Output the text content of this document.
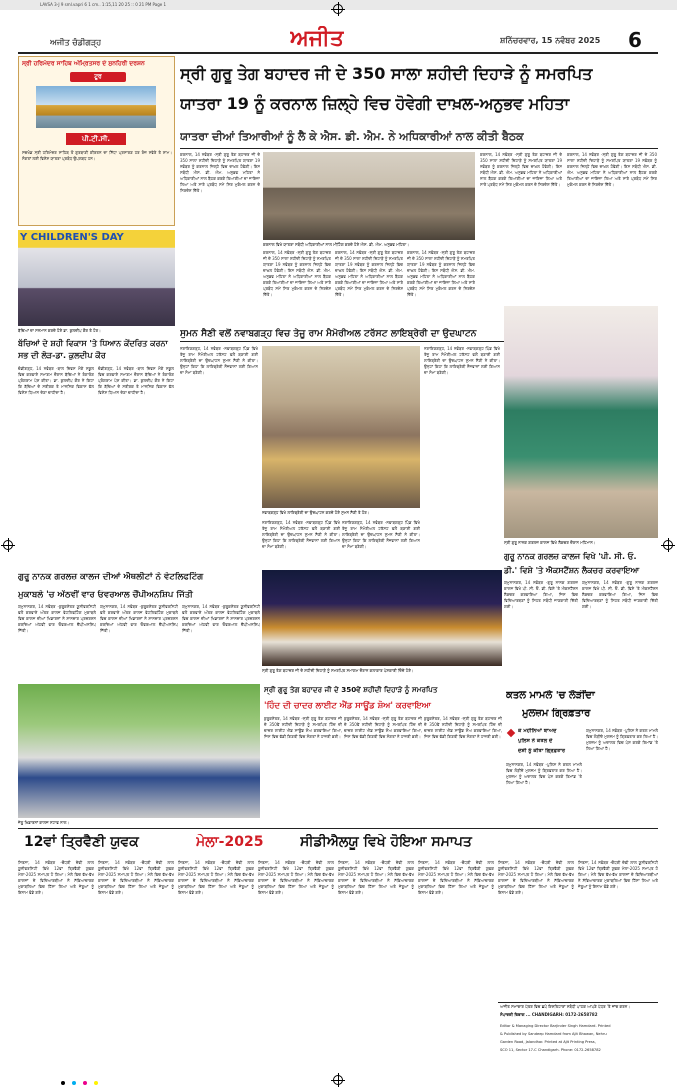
LAVSA 3-J 9 sml.vapri 6 1 cm.. 1:15,11 20 25 :: 0 21 PM Page 1
ਅਜੀਤ ਚੰਡੀਗੜ੍ਹ	ਅਜੀਤ	ਸ਼ਨਿੱਚਰਵਾਰ, 15 ਨਵੰਬਰ 2025 6
ਸ੍ਰੀ ਹਰਿਮੰਦਰ ਸਾਹਿਬ ਅੰਮ੍ਰਿਤਸਰ ਦੇ ਸੁਨਹਿਰੀ ਦਰਸ਼ਨ
ਟੂਰ
ਪੀ.ਟੀ.ਸੀ.
ਸਚਖੰਡ ਸ੍ਰੀ ਹਰਿਮੰਦਰ ਸਾਹਿਬ ਤੋਂ ਗੁਰਬਾਣੀ ਕੀਰਤਨ ਦਾ ਸਿੱਧਾ ਪ੍ਰਸਾਰਣ ਹਰ ਰੋਜ਼ ਸਵੇਰੇ ਤੇ ਸ਼ਾਮ। ਸੰਗਤਾਂ ਲਈ ਵਿਸ਼ੇਸ਼ ਯਾਤਰਾ ਪ੍ਰਬੰਧ ਉਪਲਬਧ ਹਨ।
ਸ੍ਰੀ ਗੁਰੂ ਤੇਗ ਬਹਾਦਰ ਜੀ ਦੇ 350 ਸਾਲਾ ਸ਼ਹੀਦੀ ਦਿਹਾੜੇ ਨੂੰ ਸਮਰਪਿਤ
ਯਾਤਰਾ 19 ਨੂੰ ਕਰਨਾਲ ਜ਼ਿਲ੍ਹੇ ਵਿਚ ਹੋਵੇਗੀ ਦਾਖ਼ਲ-ਅਨੁਭਵ ਮਹਿਤਾ
ਯਾਤਰਾ ਦੀਆਂ ਤਿਆਰੀਆਂ ਨੂੰ ਲੈ ਕੇ ਐਸ. ਡੀ. ਐਮ. ਨੇ ਅਧਿਕਾਰੀਆਂ ਨਾਲ ਕੀਤੀ ਬੈਠਕ
ਕਰਨਾਲ, 14 ਨਵੰਬਰ -ਸ੍ਰੀ ਗੁਰੂ ਤੇਗ ਬਹਾਦਰ ਜੀ ਦੇ 350 ਸਾਲਾ ਸ਼ਹੀਦੀ ਦਿਹਾੜੇ ਨੂੰ ਸਮਰਪਿਤ ਯਾਤਰਾ 19 ਨਵੰਬਰ ਨੂੰ ਕਰਨਾਲ ਜ਼ਿਲ੍ਹੇ ਵਿਚ ਦਾਖ਼ਲ ਹੋਵੇਗੀ। ਇਸ ਸਬੰਧੀ ਐਸ. ਡੀ. ਐਮ. ਅਨੁਭਵ ਮਹਿਤਾ ਨੇ ਅਧਿਕਾਰੀਆਂ ਨਾਲ ਬੈਠਕ ਕਰਕੇ ਤਿਆਰੀਆਂ ਦਾ ਜਾਇਜ਼ਾ ਲਿਆ ਅਤੇ ਸਾਰੇ ਪ੍ਰਬੰਧ ਸਮੇਂ ਸਿਰ ਮੁਕੰਮਲ ਕਰਨ ਦੇ ਨਿਰਦੇਸ਼ ਦਿੱਤੇ।
ਕਰਨਾਲ ਵਿਖੇ ਯਾਤਰਾ ਸਬੰਧੀ ਅਧਿਕਾਰੀਆਂ ਨਾਲ ਮੀਟਿੰਗ ਕਰਦੇ ਹੋਏ ਐਸ. ਡੀ. ਐਮ. ਅਨੁਭਵ ਮਹਿਤਾ।
ਕਰਨਾਲ, 14 ਨਵੰਬਰ -ਸ੍ਰੀ ਗੁਰੂ ਤੇਗ ਬਹਾਦਰ ਜੀ ਦੇ 350 ਸਾਲਾ ਸ਼ਹੀਦੀ ਦਿਹਾੜੇ ਨੂੰ ਸਮਰਪਿਤ ਯਾਤਰਾ 19 ਨਵੰਬਰ ਨੂੰ ਕਰਨਾਲ ਜ਼ਿਲ੍ਹੇ ਵਿਚ ਦਾਖ਼ਲ ਹੋਵੇਗੀ। ਇਸ ਸਬੰਧੀ ਐਸ. ਡੀ. ਐਮ. ਅਨੁਭਵ ਮਹਿਤਾ ਨੇ ਅਧਿਕਾਰੀਆਂ ਨਾਲ ਬੈਠਕ ਕਰਕੇ ਤਿਆਰੀਆਂ ਦਾ ਜਾਇਜ਼ਾ ਲਿਆ ਅਤੇ ਸਾਰੇ ਪ੍ਰਬੰਧ ਸਮੇਂ ਸਿਰ ਮੁਕੰਮਲ ਕਰਨ ਦੇ ਨਿਰਦੇਸ਼ ਦਿੱਤੇ।
ਕਰਨਾਲ, 14 ਨਵੰਬਰ -ਸ੍ਰੀ ਗੁਰੂ ਤੇਗ ਬਹਾਦਰ ਜੀ ਦੇ 350 ਸਾਲਾ ਸ਼ਹੀਦੀ ਦਿਹਾੜੇ ਨੂੰ ਸਮਰਪਿਤ ਯਾਤਰਾ 19 ਨਵੰਬਰ ਨੂੰ ਕਰਨਾਲ ਜ਼ਿਲ੍ਹੇ ਵਿਚ ਦਾਖ਼ਲ ਹੋਵੇਗੀ। ਇਸ ਸਬੰਧੀ ਐਸ. ਡੀ. ਐਮ. ਅਨੁਭਵ ਮਹਿਤਾ ਨੇ ਅਧਿਕਾਰੀਆਂ ਨਾਲ ਬੈਠਕ ਕਰਕੇ ਤਿਆਰੀਆਂ ਦਾ ਜਾਇਜ਼ਾ ਲਿਆ ਅਤੇ ਸਾਰੇ ਪ੍ਰਬੰਧ ਸਮੇਂ ਸਿਰ ਮੁਕੰਮਲ ਕਰਨ ਦੇ ਨਿਰਦੇਸ਼ ਦਿੱਤੇ।
ਕਰਨਾਲ, 14 ਨਵੰਬਰ -ਸ੍ਰੀ ਗੁਰੂ ਤੇਗ ਬਹਾਦਰ ਜੀ ਦੇ 350 ਸਾਲਾ ਸ਼ਹੀਦੀ ਦਿਹਾੜੇ ਨੂੰ ਸਮਰਪਿਤ ਯਾਤਰਾ 19 ਨਵੰਬਰ ਨੂੰ ਕਰਨਾਲ ਜ਼ਿਲ੍ਹੇ ਵਿਚ ਦਾਖ਼ਲ ਹੋਵੇਗੀ। ਇਸ ਸਬੰਧੀ ਐਸ. ਡੀ. ਐਮ. ਅਨੁਭਵ ਮਹਿਤਾ ਨੇ ਅਧਿਕਾਰੀਆਂ ਨਾਲ ਬੈਠਕ ਕਰਕੇ ਤਿਆਰੀਆਂ ਦਾ ਜਾਇਜ਼ਾ ਲਿਆ ਅਤੇ ਸਾਰੇ ਪ੍ਰਬੰਧ ਸਮੇਂ ਸਿਰ ਮੁਕੰਮਲ ਕਰਨ ਦੇ ਨਿਰਦੇਸ਼ ਦਿੱਤੇ।
ਕਰਨਾਲ, 14 ਨਵੰਬਰ -ਸ੍ਰੀ ਗੁਰੂ ਤੇਗ ਬਹਾਦਰ ਜੀ ਦੇ 350 ਸਾਲਾ ਸ਼ਹੀਦੀ ਦਿਹਾੜੇ ਨੂੰ ਸਮਰਪਿਤ ਯਾਤਰਾ 19 ਨਵੰਬਰ ਨੂੰ ਕਰਨਾਲ ਜ਼ਿਲ੍ਹੇ ਵਿਚ ਦਾਖ਼ਲ ਹੋਵੇਗੀ। ਇਸ ਸਬੰਧੀ ਐਸ. ਡੀ. ਐਮ. ਅਨੁਭਵ ਮਹਿਤਾ ਨੇ ਅਧਿਕਾਰੀਆਂ ਨਾਲ ਬੈਠਕ ਕਰਕੇ ਤਿਆਰੀਆਂ ਦਾ ਜਾਇਜ਼ਾ ਲਿਆ ਅਤੇ ਸਾਰੇ ਪ੍ਰਬੰਧ ਸਮੇਂ ਸਿਰ ਮੁਕੰਮਲ ਕਰਨ ਦੇ ਨਿਰਦੇਸ਼ ਦਿੱਤੇ।
ਕਰਨਾਲ, 14 ਨਵੰਬਰ -ਸ੍ਰੀ ਗੁਰੂ ਤੇਗ ਬਹਾਦਰ ਜੀ ਦੇ 350 ਸਾਲਾ ਸ਼ਹੀਦੀ ਦਿਹਾੜੇ ਨੂੰ ਸਮਰਪਿਤ ਯਾਤਰਾ 19 ਨਵੰਬਰ ਨੂੰ ਕਰਨਾਲ ਜ਼ਿਲ੍ਹੇ ਵਿਚ ਦਾਖ਼ਲ ਹੋਵੇਗੀ। ਇਸ ਸਬੰਧੀ ਐਸ. ਡੀ. ਐਮ. ਅਨੁਭਵ ਮਹਿਤਾ ਨੇ ਅਧਿਕਾਰੀਆਂ ਨਾਲ ਬੈਠਕ ਕਰਕੇ ਤਿਆਰੀਆਂ ਦਾ ਜਾਇਜ਼ਾ ਲਿਆ ਅਤੇ ਸਾਰੇ ਪ੍ਰਬੰਧ ਸਮੇਂ ਸਿਰ ਮੁਕੰਮਲ ਕਰਨ ਦੇ ਨਿਰਦੇਸ਼ ਦਿੱਤੇ।
Y CHILDREN'S DAY
ਬੱਚਿਆਂ ਦਾ ਸਨਮਾਨ ਕਰਦੇ ਹੋਏ ਡਾ. ਕੁਲਦੀਪ ਕੌਰ ਤੇ ਹੋਰ।
ਬੱਚਿਆਂ ਦੇ ਸ਼ਹੀ ਵਿਕਾਸ 'ਤੇ ਧਿਆਨ ਕੇਂਦਰਿਤ ਕਰਨਾ ਸਭ ਦੀ ਲੋੜ-ਡਾ. ਕੁਲਦੀਪ ਕੌਰ
ਚੰਡੀਗੜ੍ਹ, 14 ਨਵੰਬਰ -ਬਾਲ ਦਿਵਸ ਮੌਕੇ ਸਕੂਲ ਵਿਚ ਕਰਵਾਏ ਸਮਾਗਮ ਦੌਰਾਨ ਬੱਚਿਆਂ ਨੇ ਰੰਗਾਰੰਗ ਪ੍ਰੋਗਰਾਮ ਪੇਸ਼ ਕੀਤਾ। ਡਾ. ਕੁਲਦੀਪ ਕੌਰ ਨੇ ਕਿਹਾ ਕਿ ਬੱਚਿਆਂ ਦੇ ਸਰੀਰਕ ਤੇ ਮਾਨਸਿਕ ਵਿਕਾਸ ਵੱਲ ਵਿਸ਼ੇਸ਼ ਧਿਆਨ ਦੇਣਾ ਚਾਹੀਦਾ ਹੈ।
ਚੰਡੀਗੜ੍ਹ, 14 ਨਵੰਬਰ -ਬਾਲ ਦਿਵਸ ਮੌਕੇ ਸਕੂਲ ਵਿਚ ਕਰਵਾਏ ਸਮਾਗਮ ਦੌਰਾਨ ਬੱਚਿਆਂ ਨੇ ਰੰਗਾਰੰਗ ਪ੍ਰੋਗਰਾਮ ਪੇਸ਼ ਕੀਤਾ। ਡਾ. ਕੁਲਦੀਪ ਕੌਰ ਨੇ ਕਿਹਾ ਕਿ ਬੱਚਿਆਂ ਦੇ ਸਰੀਰਕ ਤੇ ਮਾਨਸਿਕ ਵਿਕਾਸ ਵੱਲ ਵਿਸ਼ੇਸ਼ ਧਿਆਨ ਦੇਣਾ ਚਾਹੀਦਾ ਹੈ।
ਸੁਮਨ ਸੈਣੀ ਵਲੋਂ ਨਵਾਬਗੜ੍ਹ ਵਿਚ ਤੇਜੂ ਰਾਮ ਮੈਮੋਰੀਅਲ ਟਰੱਸਟ ਲਾਇਬ੍ਰੇਰੀ ਦਾ ਉਦਘਾਟਨ
ਨਰਾਇਣਗੜ੍ਹ, 14 ਨਵੰਬਰ -ਨਵਾਬਗੜ੍ਹ ਪਿੰਡ ਵਿਖੇ ਤੇਜੂ ਰਾਮ ਮੈਮੋਰੀਅਲ ਟਰੱਸਟ ਵਲੋਂ ਬਣਾਈ ਗਈ ਲਾਇਬ੍ਰੇਰੀ ਦਾ ਉਦਘਾਟਨ ਸੁਮਨ ਸੈਣੀ ਨੇ ਕੀਤਾ। ਉਨ੍ਹਾਂ ਕਿਹਾ ਕਿ ਲਾਇਬ੍ਰੇਰੀ ਨੌਜਵਾਨਾਂ ਲਈ ਗਿਆਨ ਦਾ ਸੋਮਾ ਬਣੇਗੀ।
ਨਵਾਬਗੜ੍ਹ ਵਿਖੇ ਲਾਇਬ੍ਰੇਰੀ ਦਾ ਉਦਘਾਟਨ ਕਰਦੇ ਹੋਏ ਸੁਮਨ ਸੈਣੀ ਤੇ ਹੋਰ।
ਨਰਾਇਣਗੜ੍ਹ, 14 ਨਵੰਬਰ -ਨਵਾਬਗੜ੍ਹ ਪਿੰਡ ਵਿਖੇ ਤੇਜੂ ਰਾਮ ਮੈਮੋਰੀਅਲ ਟਰੱਸਟ ਵਲੋਂ ਬਣਾਈ ਗਈ ਲਾਇਬ੍ਰੇਰੀ ਦਾ ਉਦਘਾਟਨ ਸੁਮਨ ਸੈਣੀ ਨੇ ਕੀਤਾ। ਉਨ੍ਹਾਂ ਕਿਹਾ ਕਿ ਲਾਇਬ੍ਰੇਰੀ ਨੌਜਵਾਨਾਂ ਲਈ ਗਿਆਨ ਦਾ ਸੋਮਾ ਬਣੇਗੀ।
ਨਰਾਇਣਗੜ੍ਹ, 14 ਨਵੰਬਰ -ਨਵਾਬਗੜ੍ਹ ਪਿੰਡ ਵਿਖੇ ਤੇਜੂ ਰਾਮ ਮੈਮੋਰੀਅਲ ਟਰੱਸਟ ਵਲੋਂ ਬਣਾਈ ਗਈ ਲਾਇਬ੍ਰੇਰੀ ਦਾ ਉਦਘਾਟਨ ਸੁਮਨ ਸੈਣੀ ਨੇ ਕੀਤਾ। ਉਨ੍ਹਾਂ ਕਿਹਾ ਕਿ ਲਾਇਬ੍ਰੇਰੀ ਨੌਜਵਾਨਾਂ ਲਈ ਗਿਆਨ ਦਾ ਸੋਮਾ ਬਣੇਗੀ।
ਨਰਾਇਣਗੜ੍ਹ, 14 ਨਵੰਬਰ -ਨਵਾਬਗੜ੍ਹ ਪਿੰਡ ਵਿਖੇ ਤੇਜੂ ਰਾਮ ਮੈਮੋਰੀਅਲ ਟਰੱਸਟ ਵਲੋਂ ਬਣਾਈ ਗਈ ਲਾਇਬ੍ਰੇਰੀ ਦਾ ਉਦਘਾਟਨ ਸੁਮਨ ਸੈਣੀ ਨੇ ਕੀਤਾ। ਉਨ੍ਹਾਂ ਕਿਹਾ ਕਿ ਲਾਇਬ੍ਰੇਰੀ ਨੌਜਵਾਨਾਂ ਲਈ ਗਿਆਨ ਦਾ ਸੋਮਾ ਬਣੇਗੀ।
ਸ੍ਰੀ ਗੁਰੂ ਨਾਨਕ ਗਰਲਜ਼ ਕਾਲਜ ਵਿਖੇ ਲੈਕਚਰ ਦੌਰਾਨ ਮਹਿਮਾਨ।
ਗੁਰੂ ਨਾਨਕ ਗਰਲਜ਼ ਕਾਲਜ ਵਿਖੇ 'ਪੀ. ਸੀ. ਓ.
ਡੀ.' ਵਿਸ਼ੇ 'ਤੇ ਐਕਸਟੈਂਸ਼ਨ ਲੈਕਚਰ ਕਰਵਾਇਆ
ਯਮੁਨਾਨਗਰ, 14 ਨਵੰਬਰ -ਗੁਰੂ ਨਾਨਕ ਗਰਲਜ਼ ਕਾਲਜ ਵਿਖੇ ਪੀ. ਸੀ. ਓ. ਡੀ. ਵਿਸ਼ੇ 'ਤੇ ਐਕਸਟੈਂਸ਼ਨ ਲੈਕਚਰ ਕਰਵਾਇਆ ਗਿਆ, ਜਿਸ ਵਿਚ ਵਿਦਿਆਰਥਣਾਂ ਨੂੰ ਸਿਹਤ ਸਬੰਧੀ ਜਾਣਕਾਰੀ ਦਿੱਤੀ ਗਈ।
ਯਮੁਨਾਨਗਰ, 14 ਨਵੰਬਰ -ਗੁਰੂ ਨਾਨਕ ਗਰਲਜ਼ ਕਾਲਜ ਵਿਖੇ ਪੀ. ਸੀ. ਓ. ਡੀ. ਵਿਸ਼ੇ 'ਤੇ ਐਕਸਟੈਂਸ਼ਨ ਲੈਕਚਰ ਕਰਵਾਇਆ ਗਿਆ, ਜਿਸ ਵਿਚ ਵਿਦਿਆਰਥਣਾਂ ਨੂੰ ਸਿਹਤ ਸਬੰਧੀ ਜਾਣਕਾਰੀ ਦਿੱਤੀ ਗਈ।
ਗੁਰੂ ਨਾਨਕ ਗਰਲਜ਼ ਕਾਲਜ ਦੀਆਂ ਐਥਲੀਟਾਂ ਨੇ ਵੇਟਲਿਫਟਿੰਗ
ਮੁਕਾਬਲੇ 'ਚ ਅੱਠਵੀਂ ਵਾਰ ਓਵਰਆਲ ਚੈਂਪੀਅਨਸ਼ਿਪ ਜਿੱਤੀ
ਯਮੁਨਾਨਗਰ, 14 ਨਵੰਬਰ -ਕੁਰੂਕਸ਼ੇਤਰ ਯੂਨੀਵਰਸਿਟੀ ਵਲੋਂ ਕਰਵਾਏ ਅੰਤਰ ਕਾਲਜ ਵੇਟਲਿਫਟਿੰਗ ਮੁਕਾਬਲੇ ਵਿਚ ਕਾਲਜ ਦੀਆਂ ਖਿਡਾਰਨਾਂ ਨੇ ਸ਼ਾਨਦਾਰ ਪ੍ਰਦਰਸ਼ਨ ਕਰਦਿਆਂ ਅੱਠਵੀਂ ਵਾਰ ਓਵਰਆਲ ਚੈਂਪੀਅਨਸ਼ਿਪ ਜਿੱਤੀ।
ਯਮੁਨਾਨਗਰ, 14 ਨਵੰਬਰ -ਕੁਰੂਕਸ਼ੇਤਰ ਯੂਨੀਵਰਸਿਟੀ ਵਲੋਂ ਕਰਵਾਏ ਅੰਤਰ ਕਾਲਜ ਵੇਟਲਿਫਟਿੰਗ ਮੁਕਾਬਲੇ ਵਿਚ ਕਾਲਜ ਦੀਆਂ ਖਿਡਾਰਨਾਂ ਨੇ ਸ਼ਾਨਦਾਰ ਪ੍ਰਦਰਸ਼ਨ ਕਰਦਿਆਂ ਅੱਠਵੀਂ ਵਾਰ ਓਵਰਆਲ ਚੈਂਪੀਅਨਸ਼ਿਪ ਜਿੱਤੀ।
ਯਮੁਨਾਨਗਰ, 14 ਨਵੰਬਰ -ਕੁਰੂਕਸ਼ੇਤਰ ਯੂਨੀਵਰਸਿਟੀ ਵਲੋਂ ਕਰਵਾਏ ਅੰਤਰ ਕਾਲਜ ਵੇਟਲਿਫਟਿੰਗ ਮੁਕਾਬਲੇ ਵਿਚ ਕਾਲਜ ਦੀਆਂ ਖਿਡਾਰਨਾਂ ਨੇ ਸ਼ਾਨਦਾਰ ਪ੍ਰਦਰਸ਼ਨ ਕਰਦਿਆਂ ਅੱਠਵੀਂ ਵਾਰ ਓਵਰਆਲ ਚੈਂਪੀਅਨਸ਼ਿਪ ਜਿੱਤੀ।
ਜੇਤੂ ਖਿਡਾਰਨਾਂ ਕਾਲਜ ਸਟਾਫ ਨਾਲ।
ਸ੍ਰੀ ਗੁਰੂ ਤੇਗ ਬਹਾਦਰ ਜੀ ਦੇ ਸ਼ਹੀਦੀ ਦਿਹਾੜੇ ਨੂੰ ਸਮਰਪਿਤ ਸਮਾਗਮ ਦੌਰਾਨ ਕਲਾਕਾਰ ਪੇਸ਼ਕਾਰੀ ਦਿੰਦੇ ਹੋਏ।
ਸ੍ਰੀ ਗੁਰੂ ਤੇਗ ਬਹਾਦਰ ਜੀ ਦੇ 350ਵੇਂ ਸ਼ਹੀਦੀ ਦਿਹਾੜੇ ਨੂੰ ਸਮਰਪਿਤ
'ਹਿੰਦ ਦੀ ਚਾਦਰ ਲਾਈਟ ਐਂਡ ਸਾਊਂਡ ਸ਼ੋਅ' ਕਰਵਾਇਆ
ਕੁਰੂਕਸ਼ੇਤਰ, 14 ਨਵੰਬਰ -ਸ੍ਰੀ ਗੁਰੂ ਤੇਗ ਬਹਾਦਰ ਜੀ ਦੇ 350ਵੇਂ ਸ਼ਹੀਦੀ ਦਿਹਾੜੇ ਨੂੰ ਸਮਰਪਿਤ ਹਿੰਦ ਦੀ ਚਾਦਰ ਲਾਈਟ ਐਂਡ ਸਾਊਂਡ ਸ਼ੋਅ ਕਰਵਾਇਆ ਗਿਆ, ਜਿਸ ਵਿਚ ਵੱਡੀ ਗਿਣਤੀ ਵਿਚ ਸੰਗਤਾਂ ਨੇ ਹਾਜ਼ਰੀ ਭਰੀ।
ਕੁਰੂਕਸ਼ੇਤਰ, 14 ਨਵੰਬਰ -ਸ੍ਰੀ ਗੁਰੂ ਤੇਗ ਬਹਾਦਰ ਜੀ ਦੇ 350ਵੇਂ ਸ਼ਹੀਦੀ ਦਿਹਾੜੇ ਨੂੰ ਸਮਰਪਿਤ ਹਿੰਦ ਦੀ ਚਾਦਰ ਲਾਈਟ ਐਂਡ ਸਾਊਂਡ ਸ਼ੋਅ ਕਰਵਾਇਆ ਗਿਆ, ਜਿਸ ਵਿਚ ਵੱਡੀ ਗਿਣਤੀ ਵਿਚ ਸੰਗਤਾਂ ਨੇ ਹਾਜ਼ਰੀ ਭਰੀ।
ਕੁਰੂਕਸ਼ੇਤਰ, 14 ਨਵੰਬਰ -ਸ੍ਰੀ ਗੁਰੂ ਤੇਗ ਬਹਾਦਰ ਜੀ ਦੇ 350ਵੇਂ ਸ਼ਹੀਦੀ ਦਿਹਾੜੇ ਨੂੰ ਸਮਰਪਿਤ ਹਿੰਦ ਦੀ ਚਾਦਰ ਲਾਈਟ ਐਂਡ ਸਾਊਂਡ ਸ਼ੋਅ ਕਰਵਾਇਆ ਗਿਆ, ਜਿਸ ਵਿਚ ਵੱਡੀ ਗਿਣਤੀ ਵਿਚ ਸੰਗਤਾਂ ਨੇ ਹਾਜ਼ਰੀ ਭਰੀ।
ਕਤਲ ਮਾਮਲੇ 'ਚ ਲੋੜੀਂਦਾ
ਮੁਲਜ਼ਮ ਗ੍ਰਿਫ਼ਤਾਰ
ਕੋ ਮਹੀਨਿਆਂ ਬਾਅਦ
ਪੁਲਿਸ ਨੇ ਕਤਲ ਦੇ
ਦੋਸ਼ੀ ਨੂੰ ਕੀਤਾ ਗ੍ਰਿਫ਼ਤਾਰ
ਯਮੁਨਾਨਗਰ, 14 ਨਵੰਬਰ -ਪੁਲਿਸ ਨੇ ਕਤਲ ਮਾਮਲੇ ਵਿਚ ਲੋੜੀਂਦੇ ਮੁਲਜ਼ਮ ਨੂੰ ਗ੍ਰਿਫ਼ਤਾਰ ਕਰ ਲਿਆ ਹੈ। ਮੁਲਜ਼ਮ ਨੂੰ ਅਦਾਲਤ ਵਿਚ ਪੇਸ਼ ਕਰਕੇ ਰਿਮਾਂਡ 'ਤੇ ਲਿਆ ਗਿਆ ਹੈ।
ਯਮੁਨਾਨਗਰ, 14 ਨਵੰਬਰ -ਪੁਲਿਸ ਨੇ ਕਤਲ ਮਾਮਲੇ ਵਿਚ ਲੋੜੀਂਦੇ ਮੁਲਜ਼ਮ ਨੂੰ ਗ੍ਰਿਫ਼ਤਾਰ ਕਰ ਲਿਆ ਹੈ। ਮੁਲਜ਼ਮ ਨੂੰ ਅਦਾਲਤ ਵਿਚ ਪੇਸ਼ ਕਰਕੇ ਰਿਮਾਂਡ 'ਤੇ ਲਿਆ ਗਿਆ ਹੈ।
12ਵਾਂ ਤ੍ਰਿਵੈਣੀ ਯੁਵਕ	ਮੇਲਾ-2025	ਸੀਡੀਐਲਯੂ ਵਿਖੇ ਹੋਇਆ ਸਮਾਪਤ
ਸਿਰਸਾ, 14 ਨਵੰਬਰ -ਚੌਧਰੀ ਦੇਵੀ ਲਾਲ ਯੂਨੀਵਰਸਿਟੀ ਵਿਖੇ 12ਵਾਂ ਤ੍ਰਿਵੈਣੀ ਯੁਵਕ ਮੇਲਾ-2025 ਸਮਾਪਤ ਹੋ ਗਿਆ। ਮੇਲੇ ਵਿਚ ਵੱਖ-ਵੱਖ ਕਾਲਜਾਂ ਦੇ ਵਿਦਿਆਰਥੀਆਂ ਨੇ ਸੱਭਿਆਚਾਰਕ ਮੁਕਾਬਲਿਆਂ ਵਿਚ ਹਿੱਸਾ ਲਿਆ ਅਤੇ ਜੇਤੂਆਂ ਨੂੰ ਇਨਾਮ ਵੰਡੇ ਗਏ।
ਸਿਰਸਾ, 14 ਨਵੰਬਰ -ਚੌਧਰੀ ਦੇਵੀ ਲਾਲ ਯੂਨੀਵਰਸਿਟੀ ਵਿਖੇ 12ਵਾਂ ਤ੍ਰਿਵੈਣੀ ਯੁਵਕ ਮੇਲਾ-2025 ਸਮਾਪਤ ਹੋ ਗਿਆ। ਮੇਲੇ ਵਿਚ ਵੱਖ-ਵੱਖ ਕਾਲਜਾਂ ਦੇ ਵਿਦਿਆਰਥੀਆਂ ਨੇ ਸੱਭਿਆਚਾਰਕ ਮੁਕਾਬਲਿਆਂ ਵਿਚ ਹਿੱਸਾ ਲਿਆ ਅਤੇ ਜੇਤੂਆਂ ਨੂੰ ਇਨਾਮ ਵੰਡੇ ਗਏ।
ਸਿਰਸਾ, 14 ਨਵੰਬਰ -ਚੌਧਰੀ ਦੇਵੀ ਲਾਲ ਯੂਨੀਵਰਸਿਟੀ ਵਿਖੇ 12ਵਾਂ ਤ੍ਰਿਵੈਣੀ ਯੁਵਕ ਮੇਲਾ-2025 ਸਮਾਪਤ ਹੋ ਗਿਆ। ਮੇਲੇ ਵਿਚ ਵੱਖ-ਵੱਖ ਕਾਲਜਾਂ ਦੇ ਵਿਦਿਆਰਥੀਆਂ ਨੇ ਸੱਭਿਆਚਾਰਕ ਮੁਕਾਬਲਿਆਂ ਵਿਚ ਹਿੱਸਾ ਲਿਆ ਅਤੇ ਜੇਤੂਆਂ ਨੂੰ ਇਨਾਮ ਵੰਡੇ ਗਏ।
ਸਿਰਸਾ, 14 ਨਵੰਬਰ -ਚੌਧਰੀ ਦੇਵੀ ਲਾਲ ਯੂਨੀਵਰਸਿਟੀ ਵਿਖੇ 12ਵਾਂ ਤ੍ਰਿਵੈਣੀ ਯੁਵਕ ਮੇਲਾ-2025 ਸਮਾਪਤ ਹੋ ਗਿਆ। ਮੇਲੇ ਵਿਚ ਵੱਖ-ਵੱਖ ਕਾਲਜਾਂ ਦੇ ਵਿਦਿਆਰਥੀਆਂ ਨੇ ਸੱਭਿਆਚਾਰਕ ਮੁਕਾਬਲਿਆਂ ਵਿਚ ਹਿੱਸਾ ਲਿਆ ਅਤੇ ਜੇਤੂਆਂ ਨੂੰ ਇਨਾਮ ਵੰਡੇ ਗਏ।
ਸਿਰਸਾ, 14 ਨਵੰਬਰ -ਚੌਧਰੀ ਦੇਵੀ ਲਾਲ ਯੂਨੀਵਰਸਿਟੀ ਵਿਖੇ 12ਵਾਂ ਤ੍ਰਿਵੈਣੀ ਯੁਵਕ ਮੇਲਾ-2025 ਸਮਾਪਤ ਹੋ ਗਿਆ। ਮੇਲੇ ਵਿਚ ਵੱਖ-ਵੱਖ ਕਾਲਜਾਂ ਦੇ ਵਿਦਿਆਰਥੀਆਂ ਨੇ ਸੱਭਿਆਚਾਰਕ ਮੁਕਾਬਲਿਆਂ ਵਿਚ ਹਿੱਸਾ ਲਿਆ ਅਤੇ ਜੇਤੂਆਂ ਨੂੰ ਇਨਾਮ ਵੰਡੇ ਗਏ।
ਸਿਰਸਾ, 14 ਨਵੰਬਰ -ਚੌਧਰੀ ਦੇਵੀ ਲਾਲ ਯੂਨੀਵਰਸਿਟੀ ਵਿਖੇ 12ਵਾਂ ਤ੍ਰਿਵੈਣੀ ਯੁਵਕ ਮੇਲਾ-2025 ਸਮਾਪਤ ਹੋ ਗਿਆ। ਮੇਲੇ ਵਿਚ ਵੱਖ-ਵੱਖ ਕਾਲਜਾਂ ਦੇ ਵਿਦਿਆਰਥੀਆਂ ਨੇ ਸੱਭਿਆਚਾਰਕ ਮੁਕਾਬਲਿਆਂ ਵਿਚ ਹਿੱਸਾ ਲਿਆ ਅਤੇ ਜੇਤੂਆਂ ਨੂੰ ਇਨਾਮ ਵੰਡੇ ਗਏ।
ਸਿਰਸਾ, 14 ਨਵੰਬਰ -ਚੌਧਰੀ ਦੇਵੀ ਲਾਲ ਯੂਨੀਵਰਸਿਟੀ ਵਿਖੇ 12ਵਾਂ ਤ੍ਰਿਵੈਣੀ ਯੁਵਕ ਮੇਲਾ-2025 ਸਮਾਪਤ ਹੋ ਗਿਆ। ਮੇਲੇ ਵਿਚ ਵੱਖ-ਵੱਖ ਕਾਲਜਾਂ ਦੇ ਵਿਦਿਆਰਥੀਆਂ ਨੇ ਸੱਭਿਆਚਾਰਕ ਮੁਕਾਬਲਿਆਂ ਵਿਚ ਹਿੱਸਾ ਲਿਆ ਅਤੇ ਜੇਤੂਆਂ ਨੂੰ ਇਨਾਮ ਵੰਡੇ ਗਏ।
ਸਿਰਸਾ, 14 ਨਵੰਬਰ -ਚੌਧਰੀ ਦੇਵੀ ਲਾਲ ਯੂਨੀਵਰਸਿਟੀ ਵਿਖੇ 12ਵਾਂ ਤ੍ਰਿਵੈਣੀ ਯੁਵਕ ਮੇਲਾ-2025 ਸਮਾਪਤ ਹੋ ਗਿਆ। ਮੇਲੇ ਵਿਚ ਵੱਖ-ਵੱਖ ਕਾਲਜਾਂ ਦੇ ਵਿਦਿਆਰਥੀਆਂ ਨੇ ਸੱਭਿਆਚਾਰਕ ਮੁਕਾਬਲਿਆਂ ਵਿਚ ਹਿੱਸਾ ਲਿਆ ਅਤੇ ਜੇਤੂਆਂ ਨੂੰ ਇਨਾਮ ਵੰਡੇ ਗਏ।
ਅਜੀਤ ਸਮਾਚਾਰ ਪੱਤਰ ਵਿਚ ਛਪੇ ਇਸ਼ਤਿਹਾਰਾਂ ਸਬੰਧੀ ਪਾਠਕ ਆਪਣੇ ਪੱਧਰ 'ਤੇ ਜਾਂਚ ਕਰਨ।
ਸੰਪਾਦਕੀ ਵਿਭਾਗ ... CHANDIGARH: 0172-2658782
Editor & Managing Director Barjinder Singh Hamdard. Printed
& Published by Sandeep Hamdard from Ajit Bhawan, Nehru
Garden Road, Jalandhar. Printed at Ajit Printing Press,
SCO 11, Sector 17-C Chandigarh. Phone: 0172-2658782
